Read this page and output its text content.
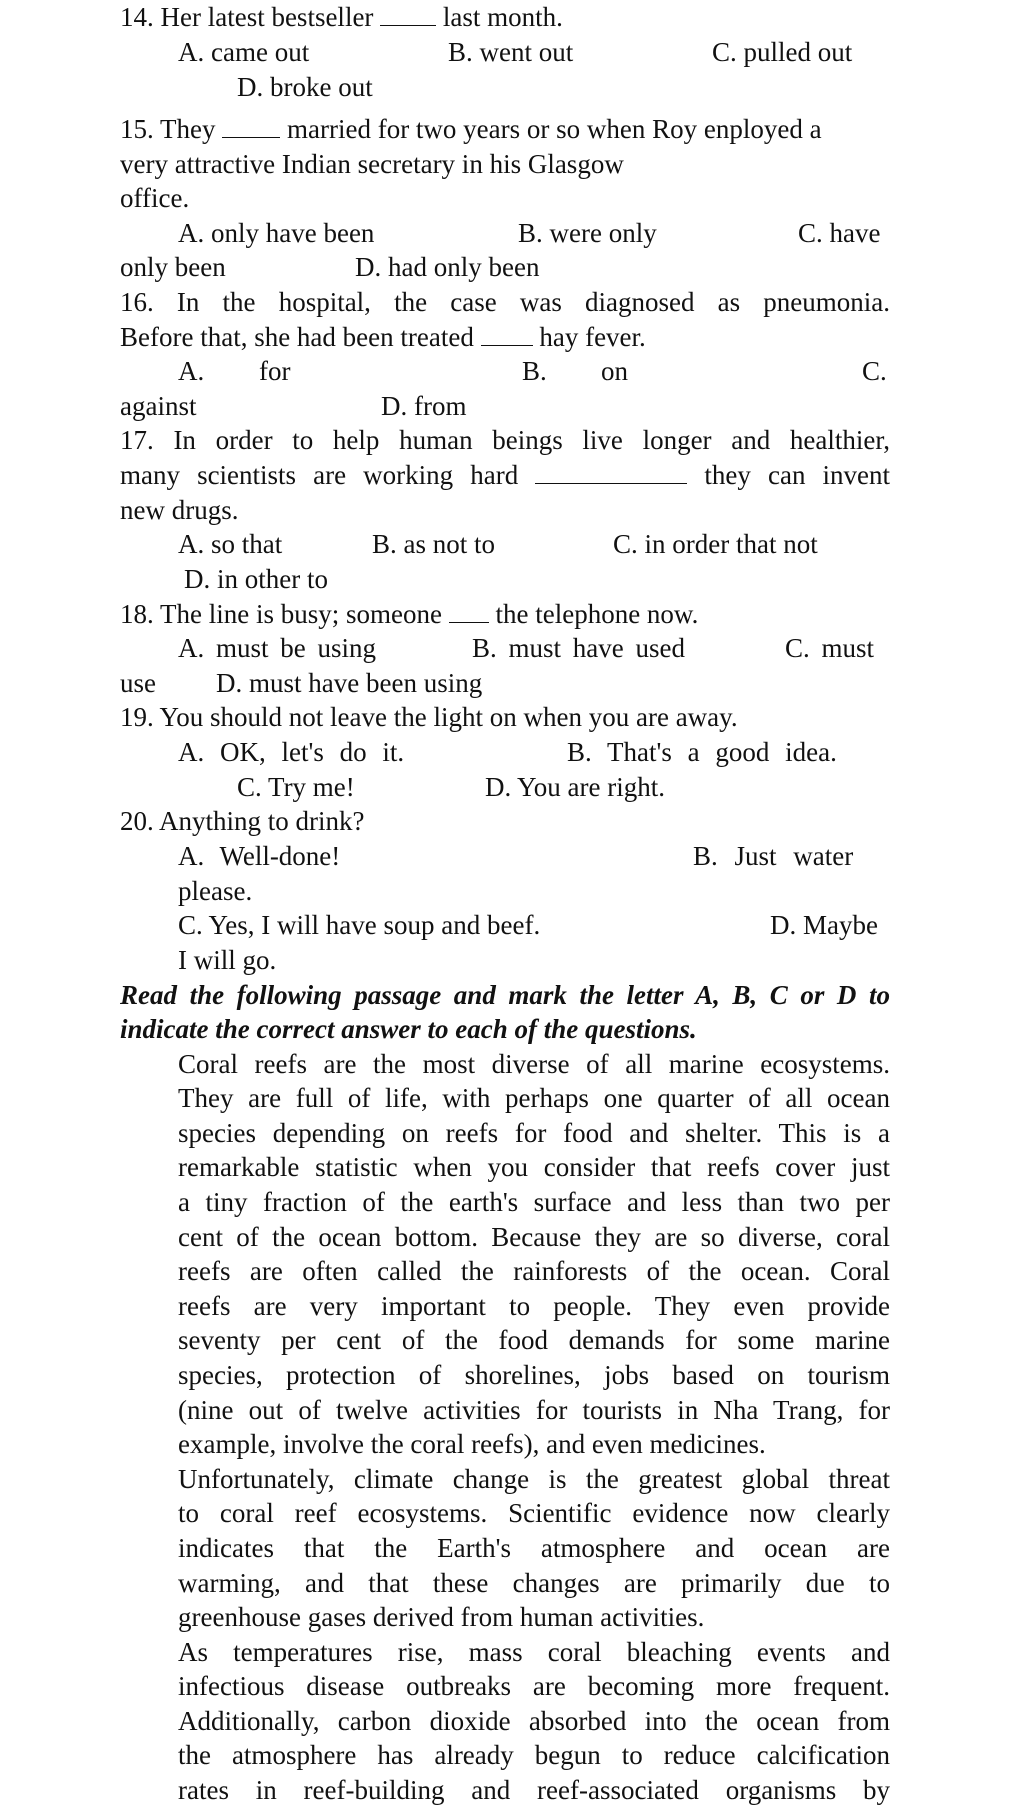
14. Her latest bestseller	last month.
A. came out	B. went out	C. pulled out
D. broke out
15. They	married for two years or so when Roy enployed a
very attractive Indian secretary in his Glasgow
office.
A. only have been	B. were only	C. have
only been	D. had only been
16. In the hospital, the case was diagnosed as pneumonia.
Before that, she had been treated hay fever.
A. for	B. on	C.
against	D. from
17. In order to help human beings live longer and healthier,
many scientists are working hard	they can invent
new drugs.
A. so that	B. as not to	C. in order that not
D. in other to
18. The line is busy; someone the telephone now.
A. must be using	B. must have used	C. must
use D. must have been using
19. You should not leave the light on when you are away.
A. OK, let's do it.	B. That's a good idea.
C. Try me!	D. You are right.
20. Anything to drink?
A. Well-done!	B. Just water
please.
C. Yes, I will have soup and beef.	D. Maybe
I will go.
Read the following passage and mark the letter A, B, C or D to
indicate the correct answer to each of the questions.
Coral reefs are the most diverse of all marine ecosystems.
They are full of life, with perhaps one quarter of all ocean
species depending on reefs for food and shelter. This is a
remarkable statistic when you consider that reefs cover just
a tiny fraction of the earth's surface and less than two per
cent of the ocean bottom. Because they are so diverse, coral
reefs are often called the rainforests of the ocean. Coral
reefs are very important to people. They even provide
seventy per cent of the food demands for some marine
species, protection of shorelines, jobs based on tourism
(nine out of twelve activities for tourists in Nha Trang, for
example, involve the coral reefs), and even medicines.
Unfortunately, climate change is the greatest global threat
to coral reef ecosystems. Scientific evidence now clearly
indicates that the Earth's atmosphere and ocean are
warming, and that these changes are primarily due to
greenhouse gases derived from human activities.
As temperatures rise, mass coral bleaching events and
infectious disease outbreaks are becoming more frequent.
Additionally, carbon dioxide absorbed into the ocean from
the atmosphere has already begun to reduce calcification
rates in reef-building and reef-associated organisms by
